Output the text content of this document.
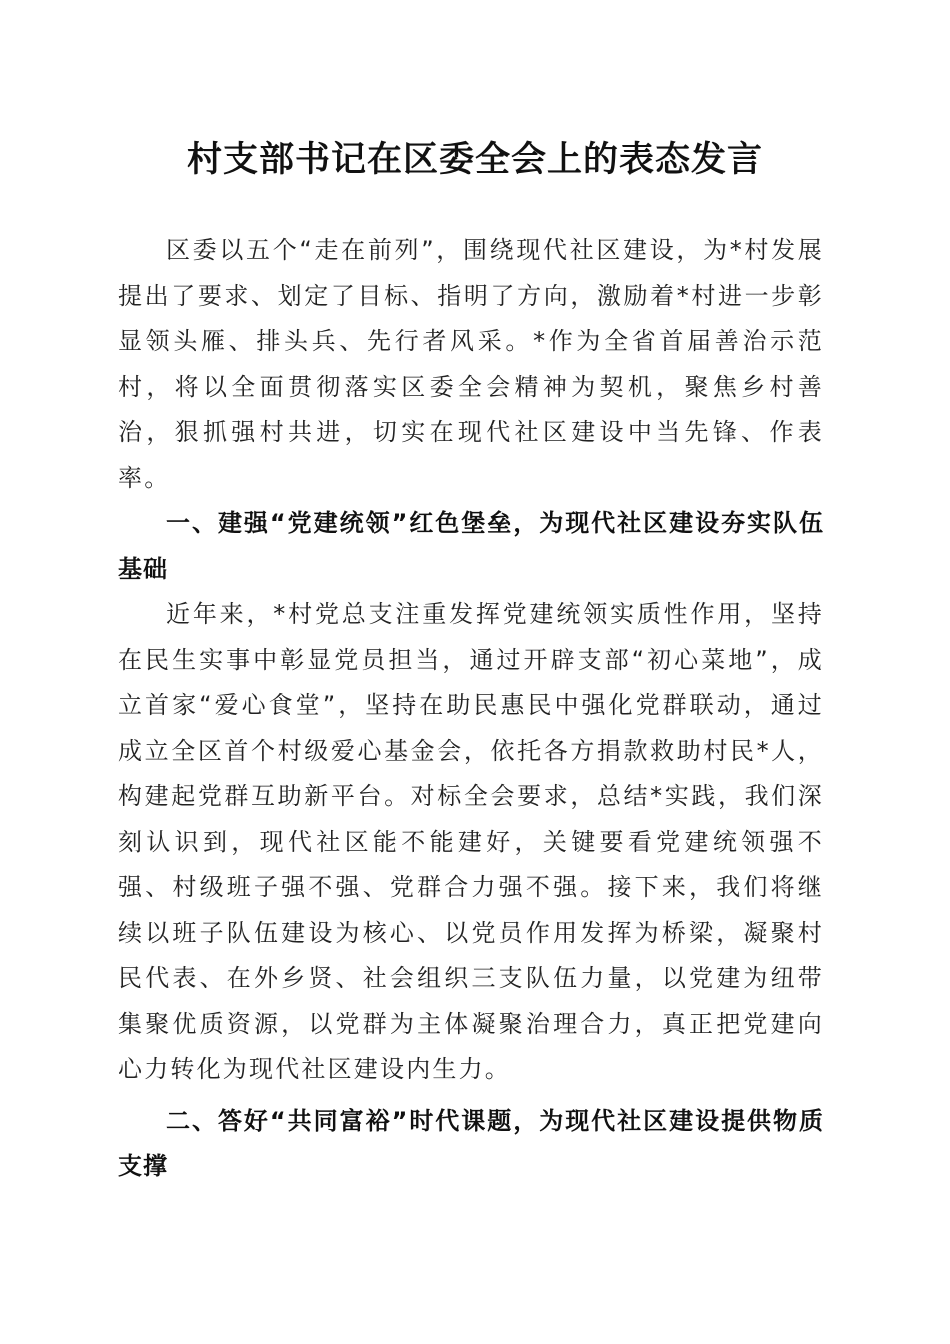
村支部书记在区委全会上的表态发言

区委以五个“走在前列”，围绕现代社区建设，为*村发展提出了要求、划定了目标、指明了方向，激励着*村进一步彰显领头雁、排头兵、先行者风采。*作为全省首届善治示范村，将以全面贯彻落实区委全会精神为契机，聚焦乡村善治，狠抓强村共进，切实在现代社区建设中当先锋、作表率。

一、建强“党建统领”红色堡垒，为现代社区建设夯实队伍基础

近年来，*村党总支注重发挥党建统领实质性作用，坚持在民生实事中彰显党员担当，通过开辟支部“初心菜地”，成立首家“爱心食堂”，坚持在助民惠民中强化党群联动，通过成立全区首个村级爱心基金会，依托各方捐款救助村民*人，构建起党群互助新平台。对标全会要求，总结*实践，我们深刻认识到，现代社区能不能建好，关键要看党建统领强不强、村级班子强不强、党群合力强不强。接下来，我们将继续以班子队伍建设为核心、以党员作用发挥为桥梁，凝聚村民代表、在外乡贤、社会组织三支队伍力量，以党建为纽带集聚优质资源，以党群为主体凝聚治理合力，真正把党建向心力转化为现代社区建设内生力。

二、答好“共同富裕”时代课题，为现代社区建设提供物质支撑
